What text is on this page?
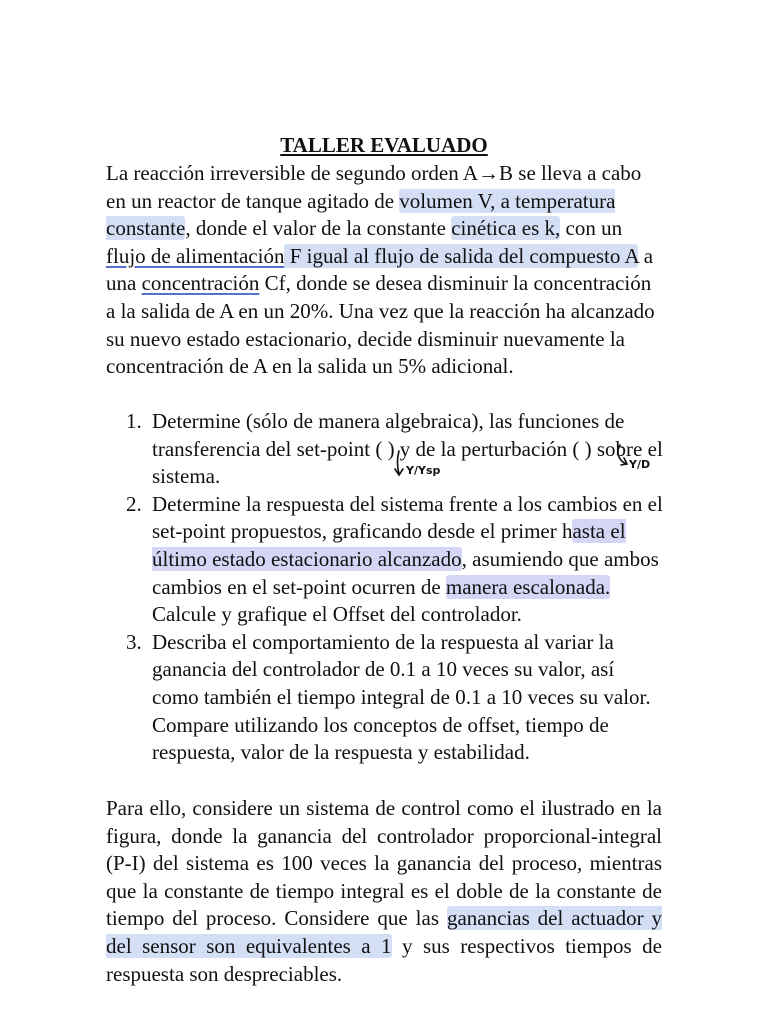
TALLER EVALUADO
La reacción irreversible de segundo orden A→B se lleva a cabo en un reactor de tanque agitado de volumen V, a temperatura constante, donde el valor de la constante cinética es k, con un flujo de alimentación F igual al flujo de salida del compuesto A a una concentración Cf, donde se desea disminuir la concentración a la salida de A en un 20%. Una vez que la reacción ha alcanzado su nuevo estado estacionario, decide disminuir nuevamente la concentración de A en la salida un 5% adicional.
1. Determine (sólo de manera algebraica), las funciones de transferencia del set-point ( ) y de la perturbación ( ) sobre el sistema.
2. Determine la respuesta del sistema frente a los cambios en el set-point propuestos, graficando desde el primer hasta el último estado estacionario alcanzado, asumiendo que ambos cambios en el set-point ocurren de manera escalonada. Calcule y grafique el Offset del controlador.
3. Describa el comportamiento de la respuesta al variar la ganancia del controlador de 0.1 a 10 veces su valor, así como también el tiempo integral de 0.1 a 10 veces su valor. Compare utilizando los conceptos de offset, tiempo de respuesta, valor de la respuesta y estabilidad.
Para ello, considere un sistema de control como el ilustrado en la figura, donde la ganancia del controlador proporcional-integral (P-I) del sistema es 100 veces la ganancia del proceso, mientras que la constante de tiempo integral es el doble de la constante de tiempo del proceso. Considere que las ganancias del actuador y del sensor son equivalentes a 1 y sus respectivos tiempos de respuesta son despreciables.
Y/Ysp	Y/D
